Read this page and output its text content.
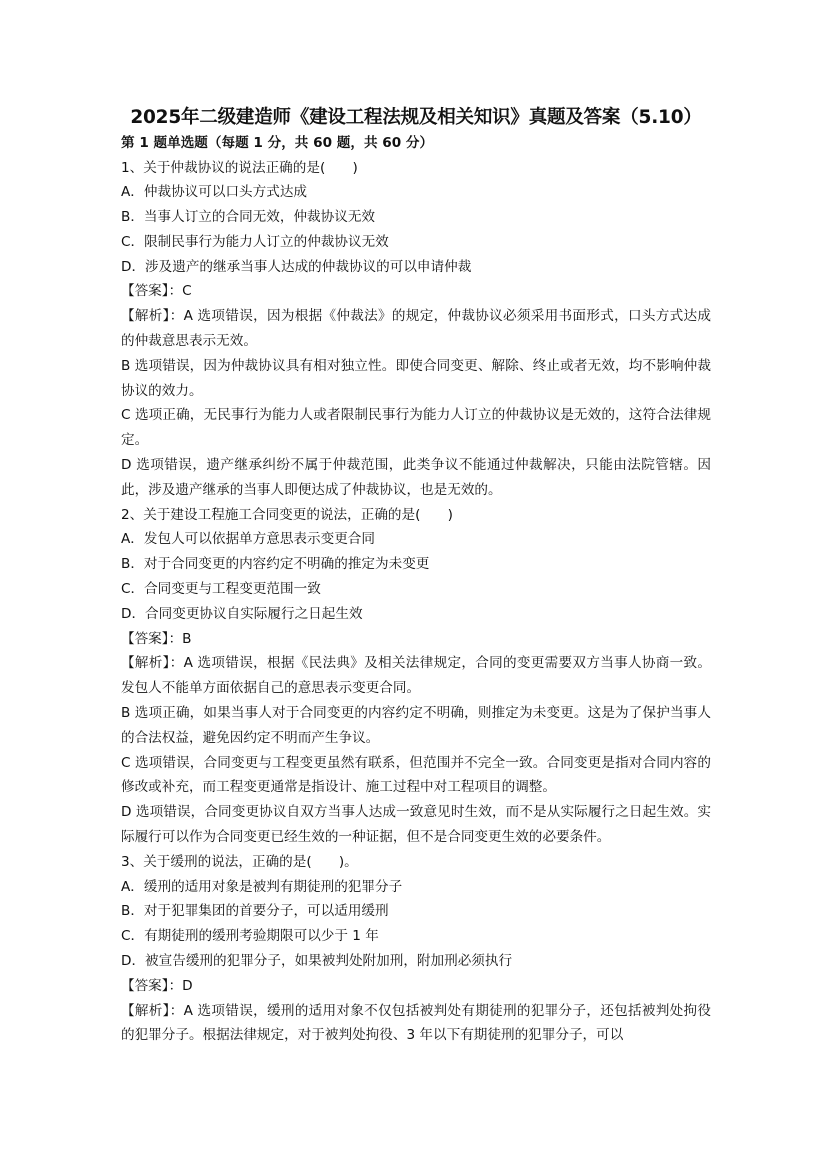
2025年二级建造师《建设工程法规及相关知识》真题及答案（5.10）
第 1 题单选题（每题 1 分，共 60 题，共 60 分）
1、关于仲裁协议的说法正确的是(　　)
A．仲裁协议可以口头方式达成
B．当事人订立的合同无效，仲裁协议无效
C．限制民事行为能力人订立的仲裁协议无效
D．涉及遗产的继承当事人达成的仲裁协议的可以申请仲裁
【答案】：C
【解析】：A 选项错误，因为根据《仲裁法》的规定，仲裁协议必须采用书面形式，口头方式达成的仲裁意思表示无效。
B 选项错误，因为仲裁协议具有相对独立性。即使合同变更、解除、终止或者无效，均不影响仲裁协议的效力。
C 选项正确，无民事行为能力人或者限制民事行为能力人订立的仲裁协议是无效的，这符合法律规定。
D 选项错误，遗产继承纠纷不属于仲裁范围，此类争议不能通过仲裁解决，只能由法院管辖。因此，涉及遗产继承的当事人即便达成了仲裁协议，也是无效的。
2、关于建设工程施工合同变更的说法，正确的是(　　)
A．发包人可以依据单方意思表示变更合同
B．对于合同变更的内容约定不明确的推定为未变更
C．合同变更与工程变更范围一致
D．合同变更协议自实际履行之日起生效
【答案】：B
【解析】：A 选项错误，根据《民法典》及相关法律规定，合同的变更需要双方当事人协商一致。发包人不能单方面依据自己的意思表示变更合同。
B 选项正确，如果当事人对于合同变更的内容约定不明确，则推定为未变更。这是为了保护当事人的合法权益，避免因约定不明而产生争议。
C 选项错误，合同变更与工程变更虽然有联系，但范围并不完全一致。合同变更是指对合同内容的修改或补充，而工程变更通常是指设计、施工过程中对工程项目的调整。
D 选项错误，合同变更协议自双方当事人达成一致意见时生效，而不是从实际履行之日起生效。实际履行可以作为合同变更已经生效的一种证据，但不是合同变更生效的必要条件。
3、关于缓刑的说法，正确的是(　　)。
A．缓刑的适用对象是被判有期徒刑的犯罪分子
B．对于犯罪集团的首要分子，可以适用缓刑
C．有期徒刑的缓刑考验期限可以少于 1 年
D．被宣告缓刑的犯罪分子，如果被判处附加刑，附加刑必须执行
【答案】：D
【解析】：A 选项错误，缓刑的适用对象不仅包括被判处有期徒刑的犯罪分子，还包括被判处拘役的犯罪分子。根据法律规定，对于被判处拘役、3 年以下有期徒刑的犯罪分子，可以
